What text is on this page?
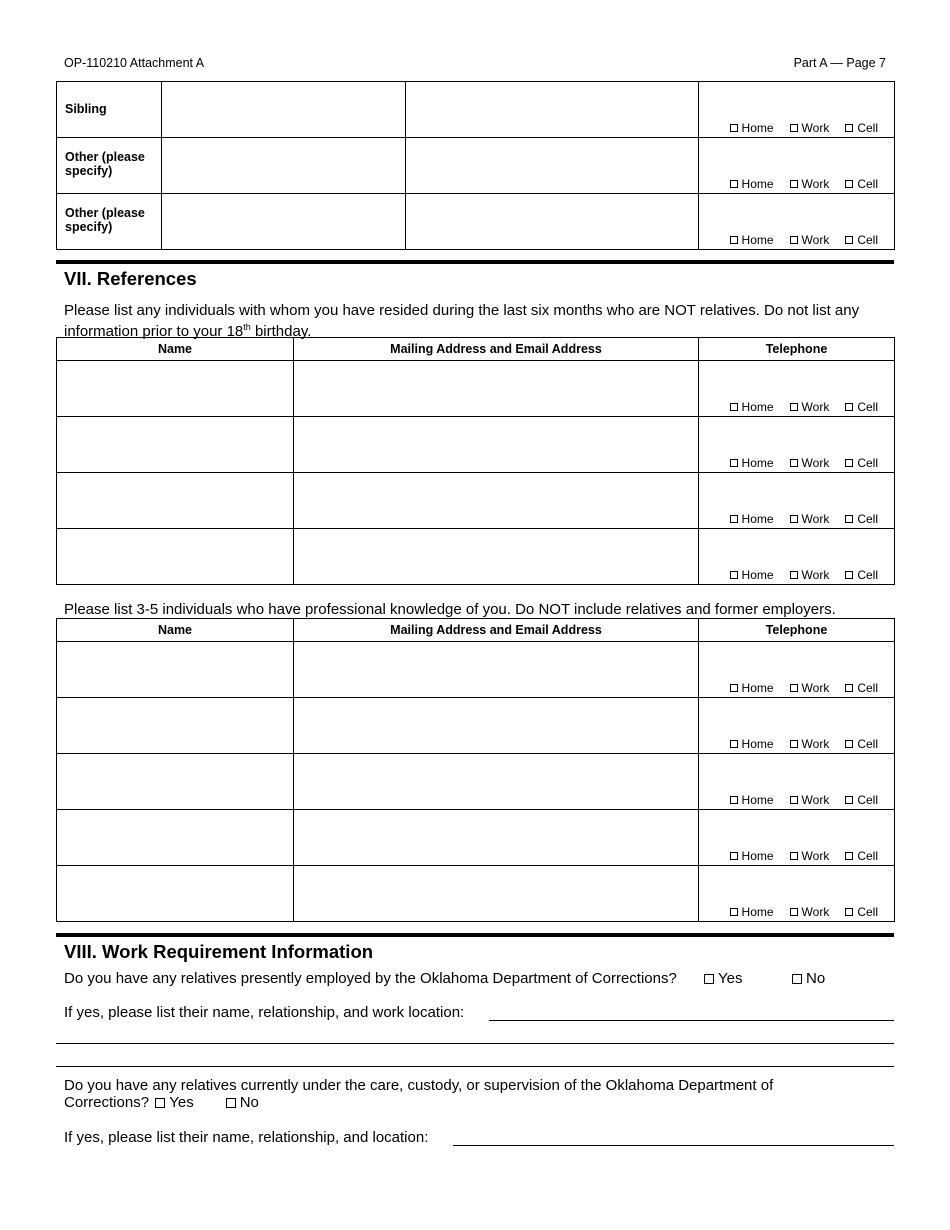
OP-110210 Attachment A	Part A — Page 7
Sibling			Home Work Cell

Other (please specify)			Home Work Cell

Other (please specify)			Home Work Cell
VII. References
Please list any individuals with whom you have resided during the last six months who are NOT relatives. Do not list any information prior to your 18th birthday.
Name	Mailing Address and Email Address	Telephone

		Home Work Cell

		Home Work Cell

		Home Work Cell

		Home Work Cell
Please list 3-5 individuals who have professional knowledge of you. Do NOT include relatives and former employers.
Name	Mailing Address and Email Address	Telephone

		Home Work Cell

		Home Work Cell

		Home Work Cell

		Home Work Cell

		Home Work Cell
VIII. Work Requirement Information
Do you have any relatives presently employed by the Oklahoma Department of Corrections?	Yes	No
If yes, please list their name, relationship, and work location:
Do you have any relatives currently under the care, custody, or supervision of the Oklahoma Department of
Corrections? Yes	No
If yes, please list their name, relationship, and location:
